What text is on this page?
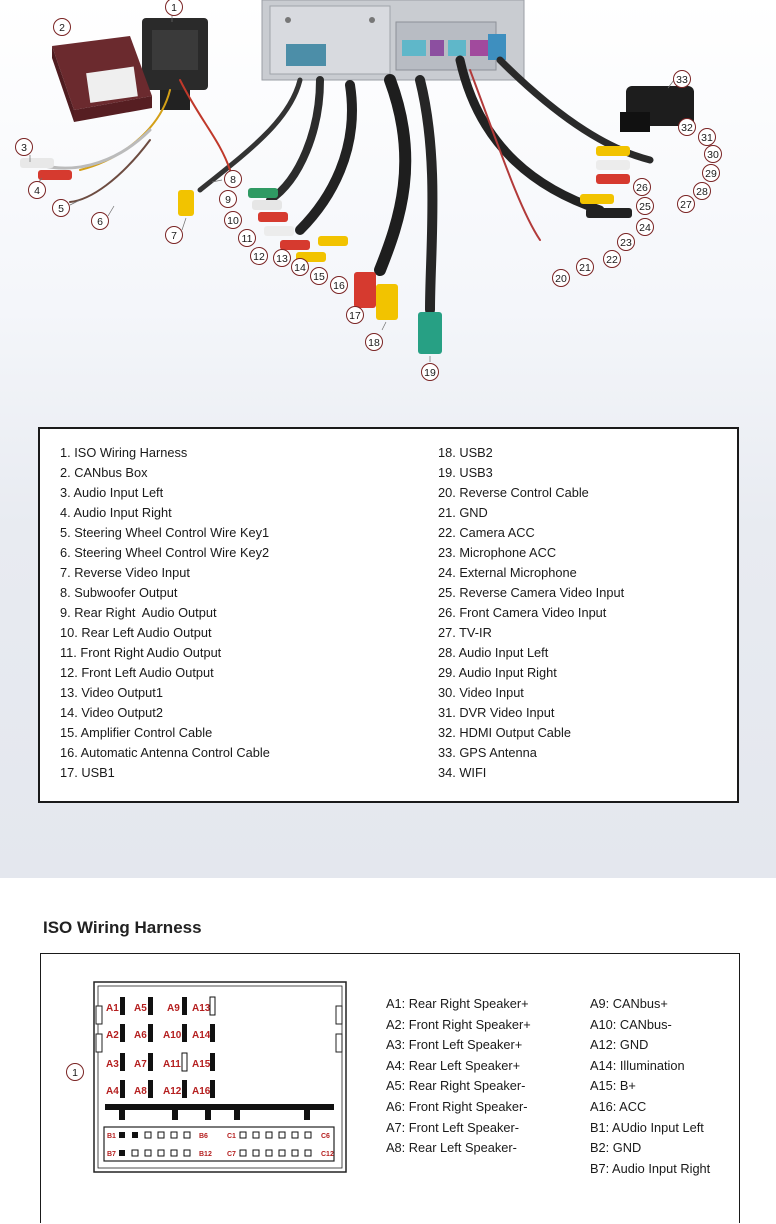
1
2
3
4
5
6
7
8
9
10
11
12 13
14
15
16
17
18
19
20
21
22
23
24
25
26
27
28
29
30
31
32
33
1. ISO Wiring Harness
2. CANbus Box
3. Audio Input Left
4. Audio Input Right
5. Steering Wheel Control Wire Key1
6. Steering Wheel Control Wire Key2
7. Reverse Video Input
8. Subwoofer Output
9. Rear Right  Audio Output
10. Rear Left Audio Output
11. Front Right Audio Output
12. Front Left Audio Output
13. Video Output1
14. Video Output2
15. Amplifier Control Cable
16. Automatic Antenna Control Cable
17. USB1
18. USB2
19. USB3
20. Reverse Control Cable
21. GND
22. Camera ACC
23. Microphone ACC
24. External Microphone
25. Reverse Camera Video Input
26. Front Camera Video Input
27. TV-IR
28. Audio Input Left
29. Audio Input Right
30. Video Input
31. DVR Video Input
32. HDMI Output Cable
33. GPS Antenna
34. WIFI
ISO Wiring Harness
1
A1 A5 A9 A13
A2 A6 A10 A14
A3 A7 A11 A15
A4 A8 A12 A16
B1	B6	C1	C6
B7	B12 C7	C12
A1: Rear Right Speaker+
A2: Front Right Speaker+
A3: Front Left Speaker+
A4: Rear Left Speaker+
A5: Rear Right Speaker-
A6: Front Right Speaker-
A7: Front Left Speaker-
A8: Rear Left Speaker-
A9: CANbus+
A10: CANbus-
A12: GND
A14: Illumination
A15: B+
A16: ACC
B1: AUdio Input Left
B2: GND
B7: Audio Input Right
